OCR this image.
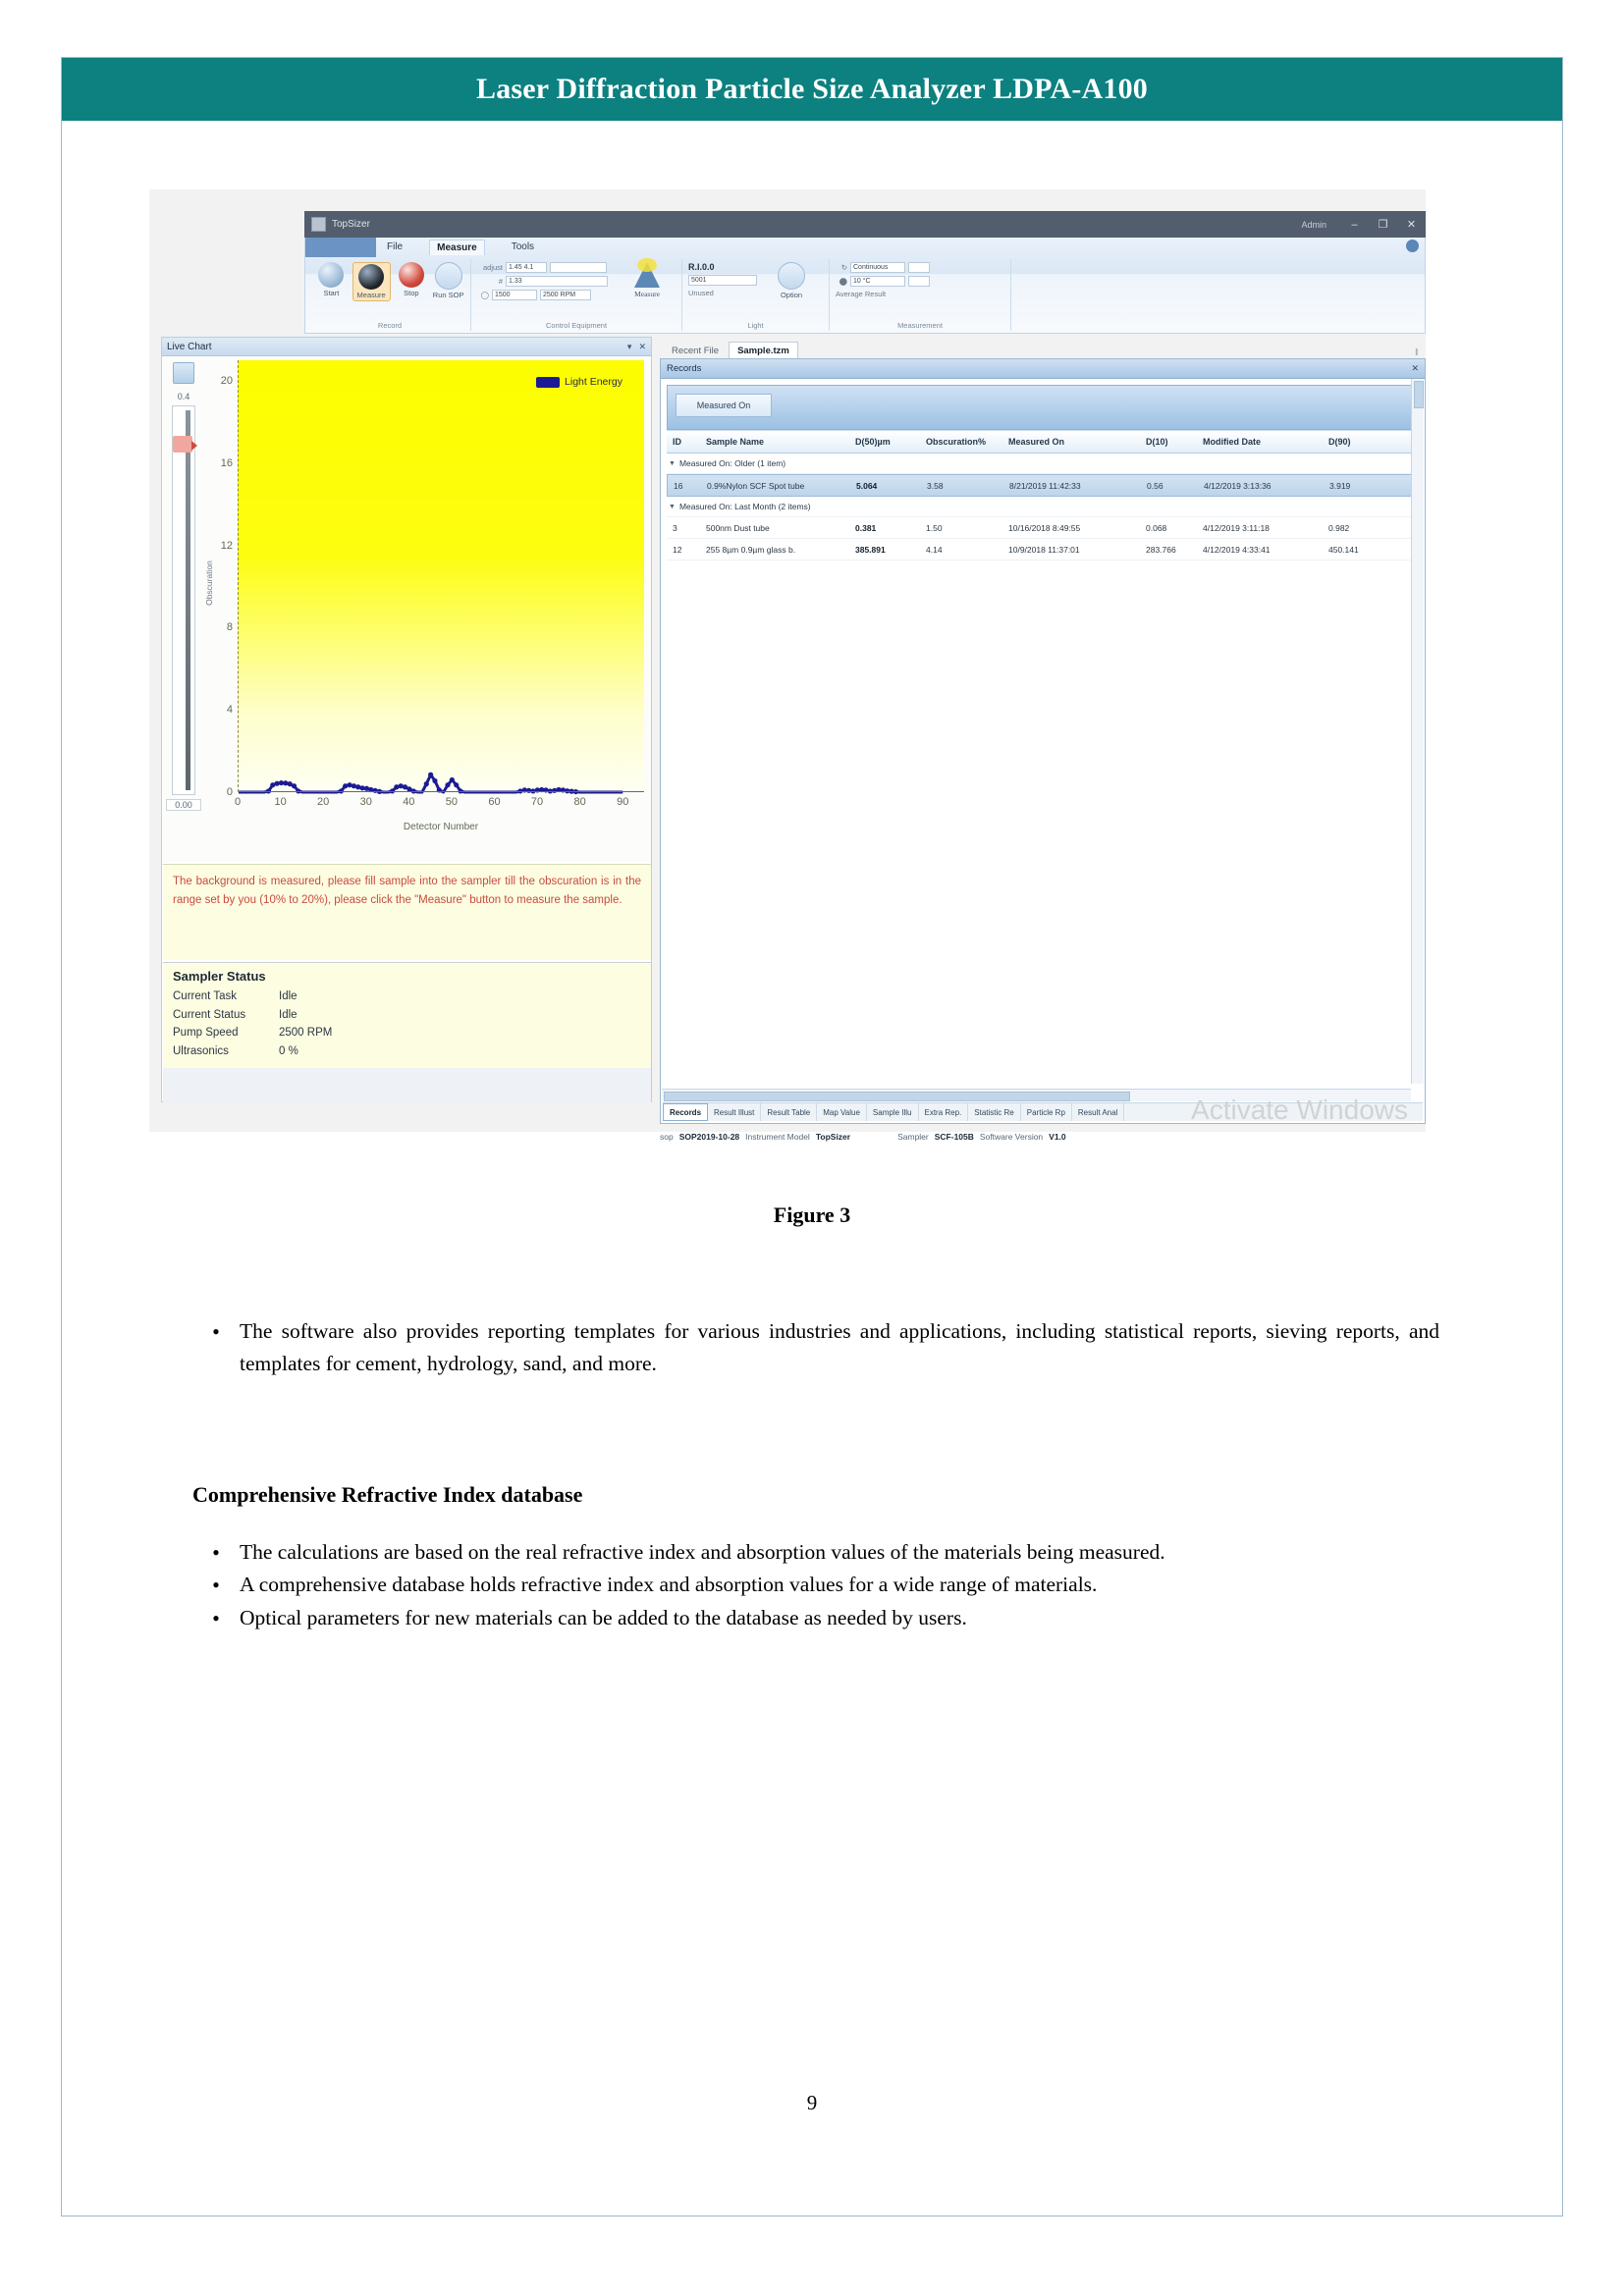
Laser Diffraction Particle Size Analyzer LDPA-A100
TopSizer	Admin	–	❐	✕
File	Measure	Tools
Start Measure Stop Run SOP
Record
adjust 1.45 4.1
# 1.33
◯ 1500	2500 RPM	Measure
Control Equipment
R.I.0.0
5001
Unused	Option
Light
↻ Continuous
⬤ 10 °C
Average Result
Measurement
Live Chart	▾ ✕
0.4
Obscuration
0.00
0
4
8
12
16
20	Light Energy
0	10	20	30	40	50	60	70	80	90
Detector Number
The background is measured, please fill sample into the sampler till the obscuration is in the range set by you (10% to 20%), please click the "Measure" button to measure the sample.
Sampler Status
Current Task	Idle
Current Status	Idle
Pump Speed	2500 RPM
Ultrasonics	0 %
Recent File	Sample.tzm	‖
Records	✕
Measured On
ID	Sample Name	D(50)µm	Obscuration%	Measured On	D(10)	Modified Date	D(90)
▼ Measured On: Older (1 item)
16	0.9%Nylon SCF Spot tube	5.064	3.58	8/21/2019 11:42:33	0.56	4/12/2019 3:13:36	3.919
▼ Measured On: Last Month (2 items)
3	500nm Dust tube	0.381	1.50	10/16/2018 8:49:55	0.068	4/12/2019 3:11:18	0.982
12	255 8µm 0.9µm glass b.	385.891	4.14	10/9/2018 11:37:01	283.766	4/12/2019 4:33:41	450.141
Records	Result Illust	Result Table	Map Value	Sample Illu	Extra Rep.	Statistic Re	Particle Rp	Result Anal
sop SOP2019-10-28 Instrument Model TopSizer	Sampler SCF-105B Software Version V1.0
Activate Windows
Figure 3
• The software also provides reporting templates for various industries and applications, including statistical reports, sieving reports, and templates for cement, hydrology, sand, and more.
Comprehensive Refractive Index database
• The calculations are based on the real refractive index and absorption values of the materials being measured.
• A comprehensive database holds refractive index and absorption values for a wide range of materials.
• Optical parameters for new materials can be added to the database as needed by users.
9
